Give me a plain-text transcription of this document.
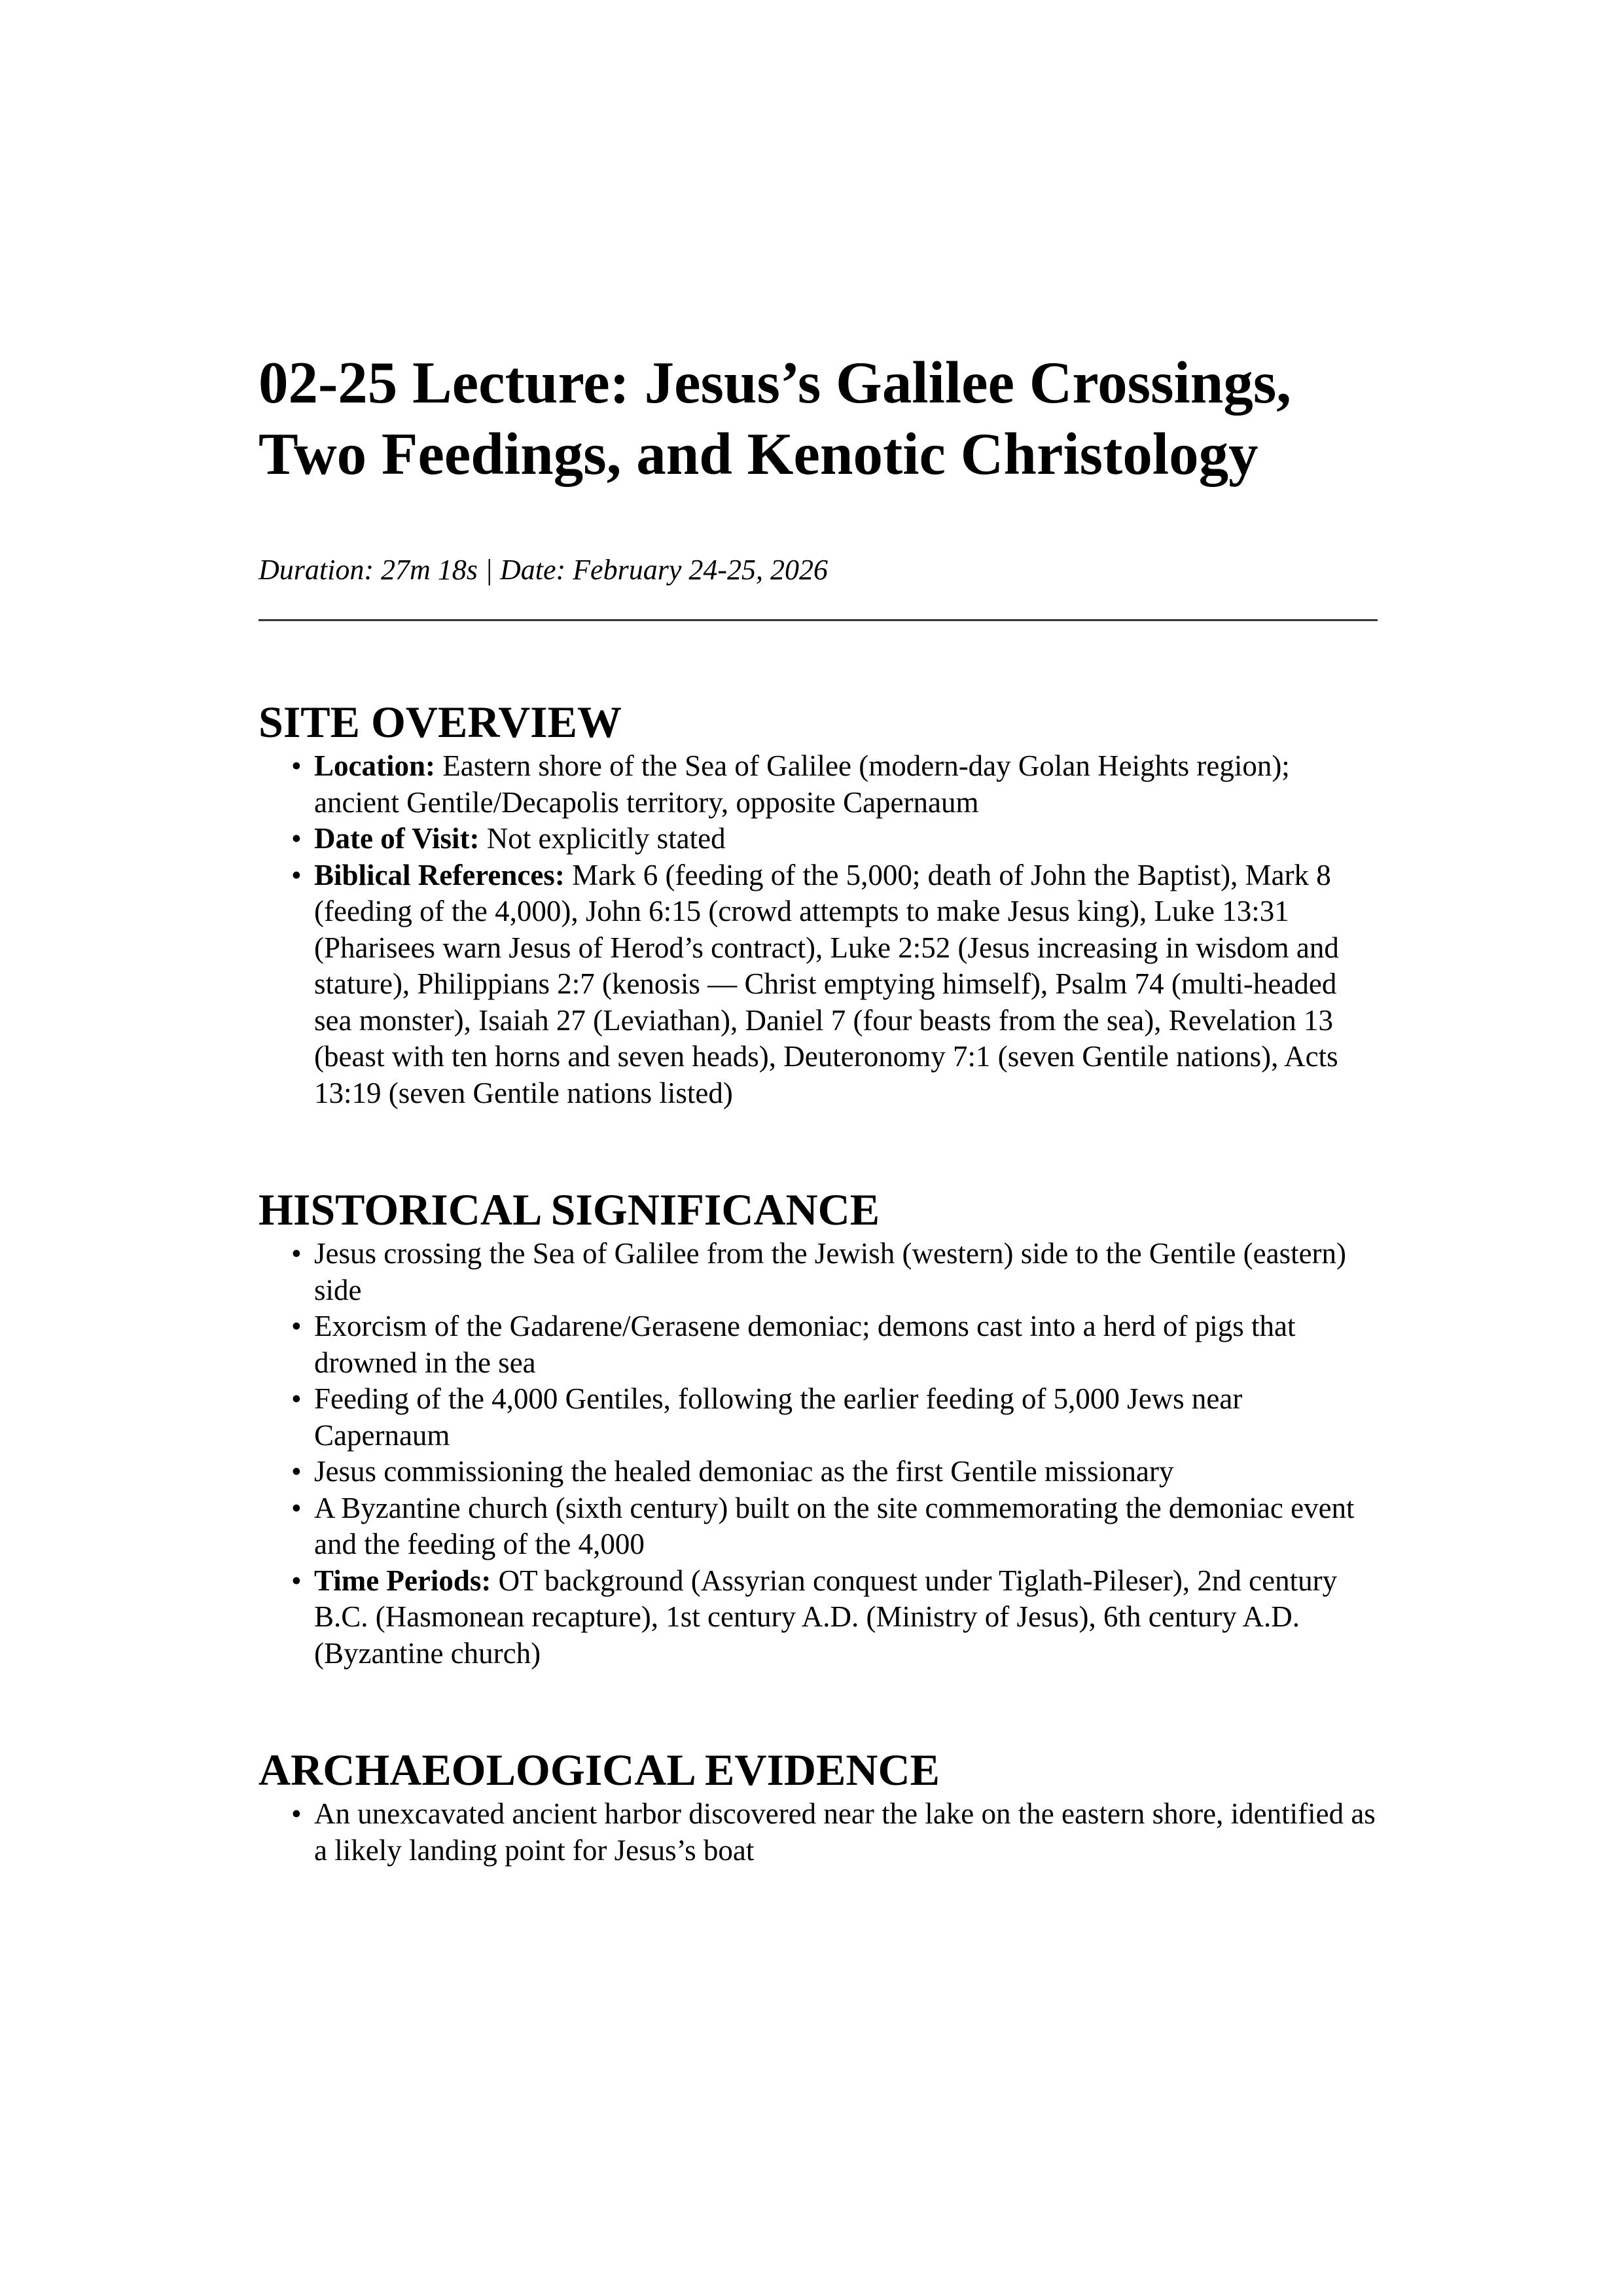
02-25 Lecture: Jesus’s Galilee Crossings, Two Feedings, and Kenotic Christology

Duration: 27m 18s | Date: February 24-25, 2026

SITE OVERVIEW
• Location: Eastern shore of the Sea of Galilee (modern-day Golan Heights region); ancient Gentile/Decapolis territory, opposite Capernaum
• Date of Visit: Not explicitly stated
• Biblical References: Mark 6 (feeding of the 5,000; death of John the Baptist), Mark 8 (feeding of the 4,000), John 6:15 (crowd attempts to make Jesus king), Luke 13:31 (Pharisees warn Jesus of Herod’s contract), Luke 2:52 (Jesus increasing in wisdom and stature), Philippians 2:7 (kenosis — Christ emptying himself), Psalm 74 (multi-headed sea monster), Isaiah 27 (Leviathan), Daniel 7 (four beasts from the sea), Revelation 13 (beast with ten horns and seven heads), Deuteronomy 7:1 (seven Gentile nations), Acts 13:19 (seven Gentile nations listed)
HISTORICAL SIGNIFICANCE
• Jesus crossing the Sea of Galilee from the Jewish (western) side to the Gentile (eastern) side
• Exorcism of the Gadarene/Gerasene demoniac; demons cast into a herd of pigs that drowned in the sea
• Feeding of the 4,000 Gentiles, following the earlier feeding of 5,000 Jews near Capernaum
• Jesus commissioning the healed demoniac as the first Gentile missionary
• A Byzantine church (sixth century) built on the site commemorating the demoniac event and the feeding of the 4,000
• Time Periods: OT background (Assyrian conquest under Tiglath-Pileser), 2nd century B.C. (Hasmonean recapture), 1st century A.D. (Ministry of Jesus), 6th century A.D. (Byzantine church)
ARCHAEOLOGICAL EVIDENCE
• An unexcavated ancient harbor discovered near the lake on the eastern shore, identified as a likely landing point for Jesus’s boat
